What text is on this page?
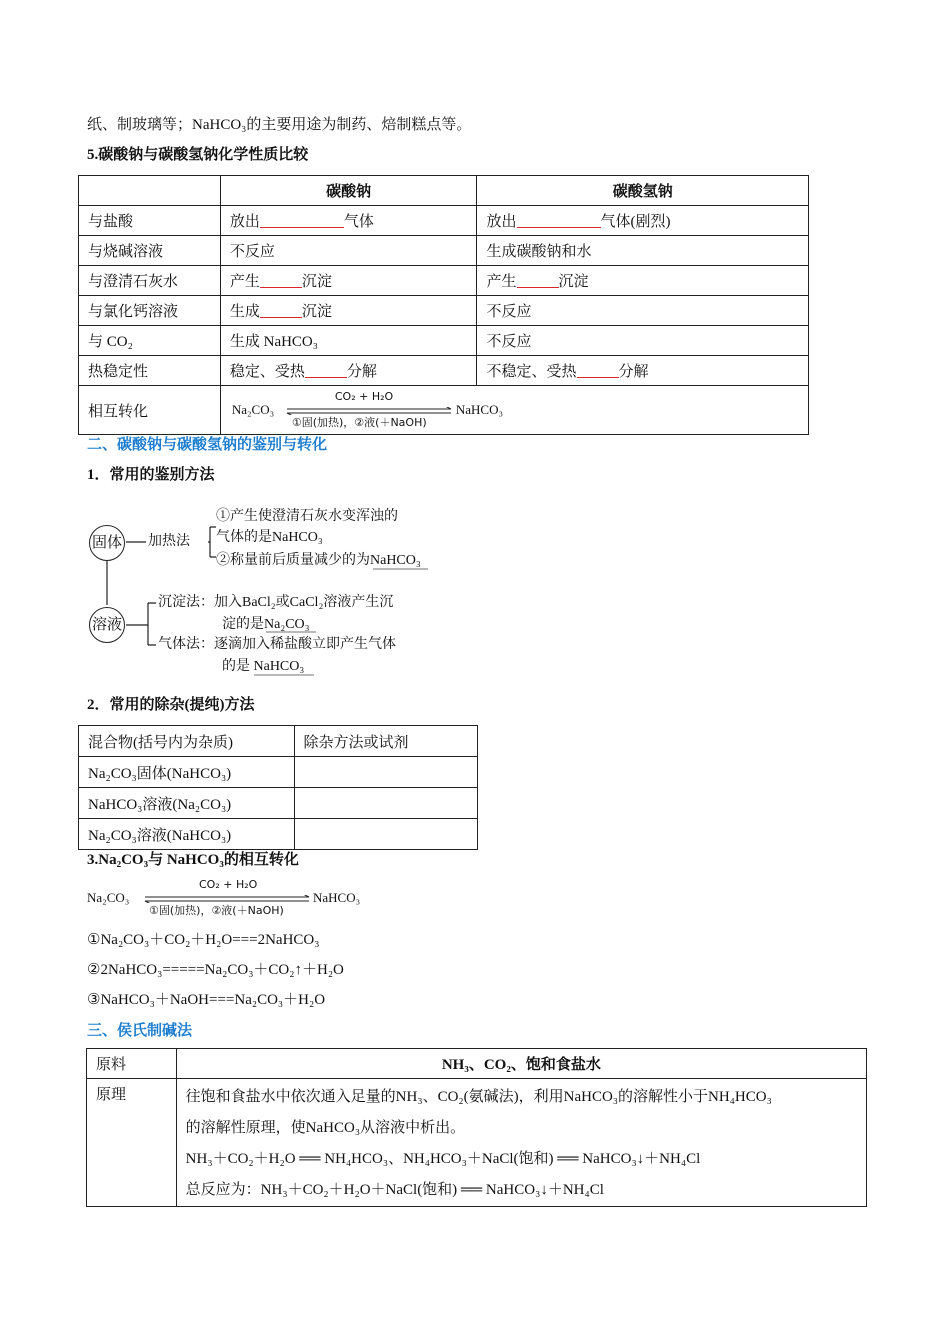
纸、制玻璃等；NaHCO₃的主要用途为制药、焙制糕点等。
5.碳酸钠与碳酸氢钠化学性质比较
	碳酸钠	碳酸氢钠
与盐酸	放出 气体	放出 气体(剧烈)
与烧碱溶液	不反应	生成碳酸钠和水
与澄清石灰水	产生 沉淀	产生 沉淀
与氯化钙溶液	生成 沉淀	不反应
与 CO₂	生成 NaHCO₃	不反应
热稳定性	稳定、受热 分解	不稳定、受热 分解
相互转化	Na₂CO₃
CO₂ + H₂O
①固(加热)，②液(＋NaOH)
NaHCO₃	
二、碳酸钠与碳酸氢钠的鉴别与转化
1．常用的鉴别方法
固体
溶液
加热法
①产生使澄清石灰水变浑浊的
气体的是NaHCO₃
②称量前后质量减少的为NaHCO₃
沉淀法：加入BaCl₂或CaCl₂溶液产生沉
淀的是Na₂CO₃
气体法：逐滴加入稀盐酸立即产生气体
的是 NaHCO₃
2．常用的除杂(提纯)方法
混合物(括号内为杂质)	除杂方法或试剂
Na₂CO₃固体(NaHCO₃)	
NaHCO₃溶液(Na₂CO₃)	
Na₂CO₃溶液(NaHCO₃)	
3.Na₂CO₃与 NaHCO₃的相互转化
Na₂CO₃
CO₂ + H₂O
①固(加热)，②液(＋NaOH)
NaHCO₃
①Na₂CO₃＋CO₂＋H₂O===2NaHCO₃
②2NaHCO₃=====Na₂CO₃＋CO₂↑＋H₂O
③NaHCO₃＋NaOH===Na₂CO₃＋H₂O
三、侯氏制碱法
原料	NH₃、CO₂、饱和食盐水
原理	往饱和食盐水中依次通入足量的NH₃、CO₂(氨碱法)，利用NaHCO₃的溶解性小于NH₄HCO₃
的溶解性原理，使NaHCO₃从溶液中析出。
NH₃＋CO₂＋H₂O ══ NH₄HCO₃、NH₄HCO₃＋NaCl(饱和) ══ NaHCO₃↓＋NH₄Cl
总反应为：NH₃＋CO₂＋H₂O＋NaCl(饱和) ══ NaHCO₃↓＋NH₄Cl
